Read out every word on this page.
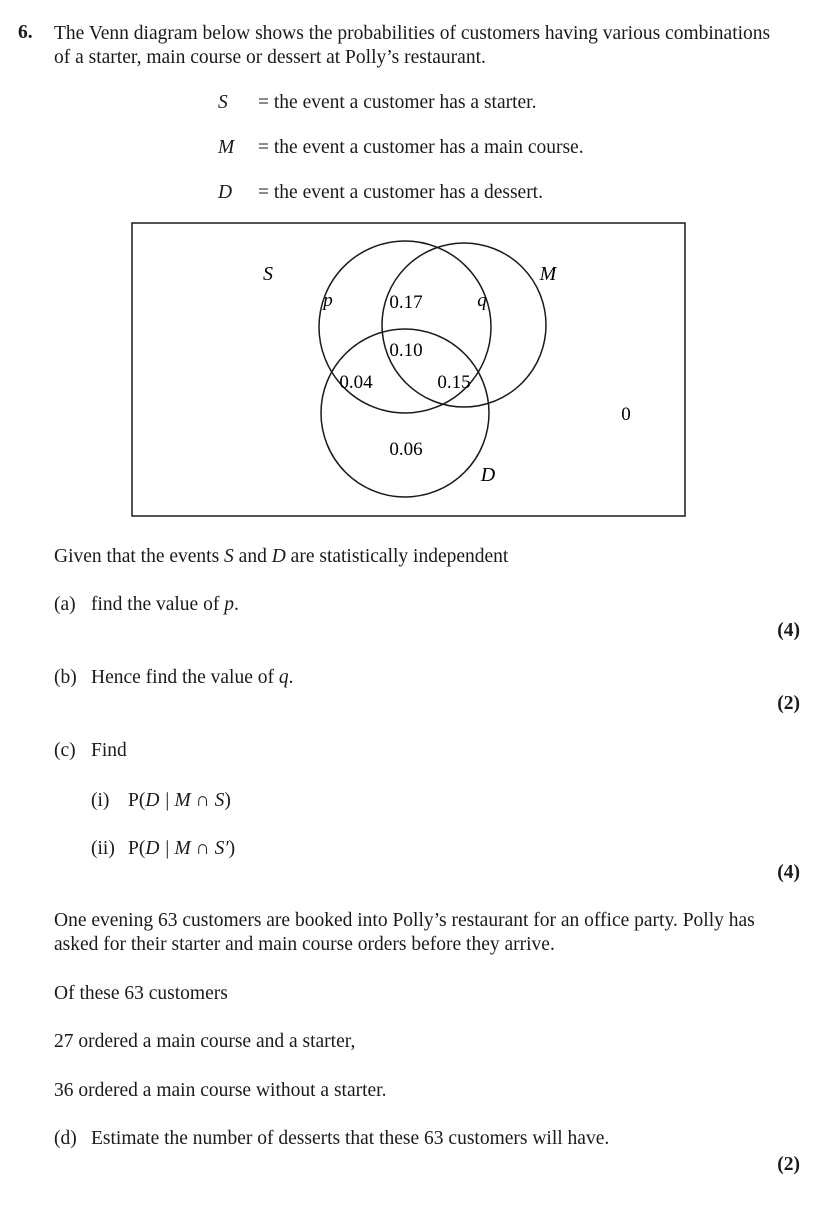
6. The Venn diagram below shows the probabilities of customers having various combinations
of a starter, main course or dessert at Polly’s restaurant.
S = the event a customer has a starter.
M = the event a customer has a main course.
D = the event a customer has a dessert.
S	M
D
p	0.17	q
0.10
0.04	0.15
0.06
0
Given that the events S and D are statistically independent
(a) find the value of p.
(4)
(b) Hence find the value of q.
(2)
(c) Find
(i) P(D | M ∩ S)
(ii) P(D | M ∩ S′)
(4)
One evening 63 customers are booked into Polly’s restaurant for an office party. Polly has
asked for their starter and main course orders before they arrive.
Of these 63 customers
27 ordered a main course and a starter,
36 ordered a main course without a starter.
(d) Estimate the number of desserts that these 63 customers will have.
(2)
